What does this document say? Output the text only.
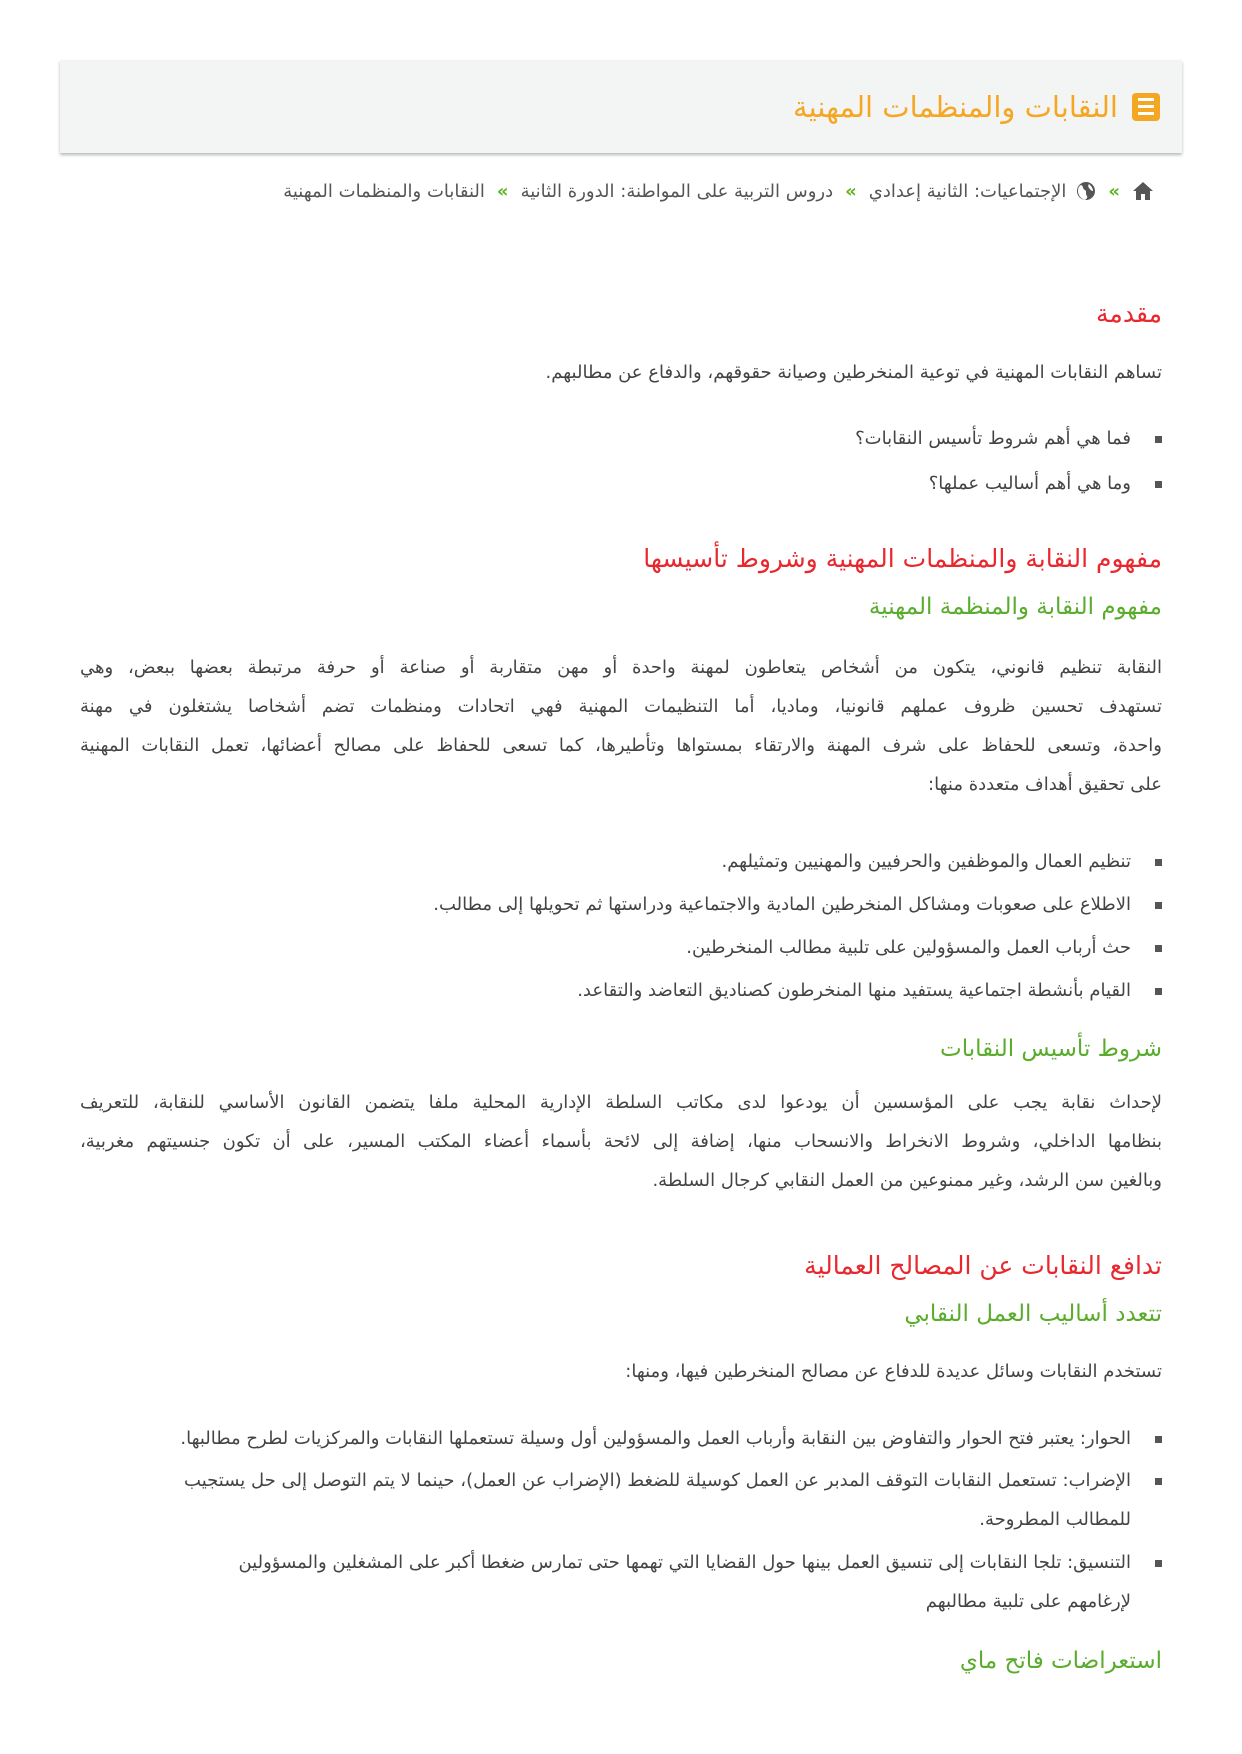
النقابات والمنظمات المهنية
»
الإجتماعيات: الثانية إعدادي
»
دروس التربية على المواطنة: الدورة الثانية
»
النقابات والمنظمات المهنية
مقدمة

تساهم النقابات المهنية في توعية المنخرطين وصيانة حقوقهم، والدفاع عن مطالبهم.

فما هي أهم شروط تأسيس النقابات؟
وما هي أهم أساليب عملها؟
مفهوم النقابة والمنظمات المهنية وشروط تأسيسها
مفهوم النقابة والمنظمة المهنية

النقابة تنظيم قانوني، يتكون من أشخاص يتعاطون لمهنة واحدة أو مهن متقاربة أو صناعة أو حرفة مرتبطة بعضها ببعض، وهي

تستهدف تحسين ظروف عملهم قانونيا، وماديا، أما التنظيمات المهنية فهي اتحادات ومنظمات تضم أشخاصا يشتغلون في مهنة

واحدة، وتسعى للحفاظ على شرف المهنة والارتقاء بمستواها وتأطيرها، كما تسعى للحفاظ على مصالح أعضائها، تعمل النقابات المهنية

على تحقيق أهداف متعددة منها:

تنظيم العمال والموظفين والحرفيين والمهنيين وتمثيلهم.
الاطلاع على صعوبات ومشاكل المنخرطين المادية والاجتماعية ودراستها ثم تحويلها إلى مطالب.
حث أرباب العمل والمسؤولين على تلبية مطالب المنخرطين.
القيام بأنشطة اجتماعية يستفيد منها المنخرطون كصناديق التعاضد والتقاعد.
شروط تأسيس النقابات

لإحداث نقابة يجب على المؤسسين أن يودعوا لدى مكاتب السلطة الإدارية المحلية ملفا يتضمن القانون الأساسي للنقابة، للتعريف

بنظامها الداخلي، وشروط الانخراط والانسحاب منها، إضافة إلى لائحة بأسماء أعضاء المكتب المسير، على أن تكون جنسيتهم مغربية،

وبالغين سن الرشد، وغير ممنوعين من العمل النقابي كرجال السلطة.

تدافع النقابات عن المصالح العمالية
تتعدد أساليب العمل النقابي

تستخدم النقابات وسائل عديدة للدفاع عن مصالح المنخرطين فيها، ومنها:

الحوار: يعتبر فتح الحوار والتفاوض بين النقابة وأرباب العمل والمسؤولين أول وسيلة تستعملها النقابات والمركزيات لطرح مطالبها.
الإضراب: تستعمل النقابات التوقف المدبر عن العمل كوسيلة للضغط (الإضراب عن العمل)، حينما لا يتم التوصل إلى حل يستجيب
للمطالب المطروحة.
التنسيق: تلجا النقابات إلى تنسيق العمل بينها حول القضايا التي تهمها حتى تمارس ضغطا أكبر على المشغلين والمسؤولين
لإرغامهم على تلبية مطالبهم
استعراضات فاتح ماي
